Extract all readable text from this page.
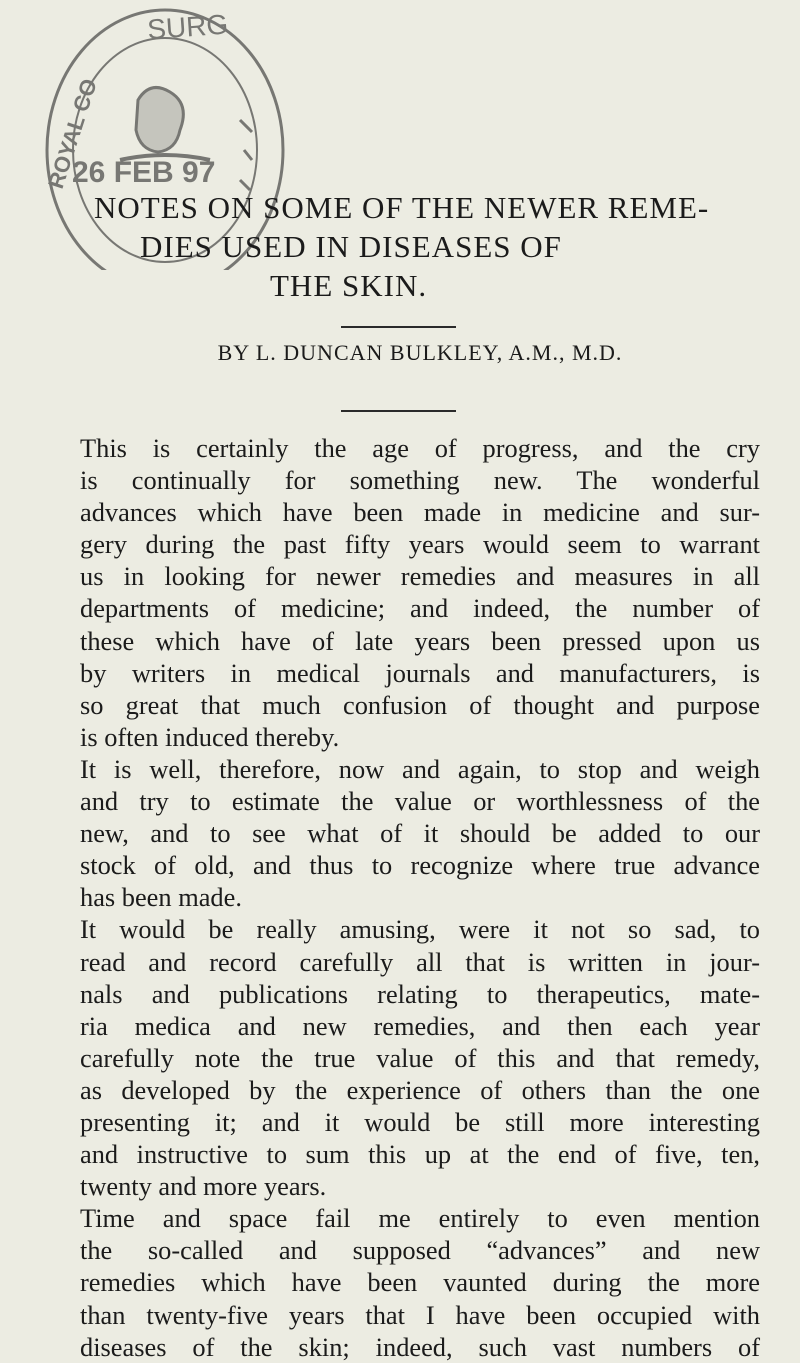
SURG
ROYAL CO
26 FEB 97
NOTES ON SOME OF THE NEWER REME-
DIES USED IN DISEASES OF
THE SKIN.
BY L. DUNCAN BULKLEY, A.M., M.D.
This is certainly the age of progress, and the cry
is continually for something new. The wonderful
advances which have been made in medicine and sur-
gery during the past fifty years would seem to warrant
us in looking for newer remedies and measures in all
departments of medicine; and indeed, the number of
these which have of late years been pressed upon us
by writers in medical journals and manufacturers, is
so great that much confusion of thought and purpose
is often induced thereby.
It is well, therefore, now and again, to stop and weigh
and try to estimate the value or worthlessness of the
new, and to see what of it should be added to our
stock of old, and thus to recognize where true advance
has been made.
It would be really amusing, were it not so sad, to
read and record carefully all that is written in jour-
nals and publications relating to therapeutics, mate-
ria medica and new remedies, and then each year
carefully note the true value of this and that remedy,
as developed by the experience of others than the one
presenting it; and it would be still more interesting
and instructive to sum this up at the end of five, ten,
twenty and more years.
Time and space fail me entirely to even mention
the so-called and supposed “advances” and new
remedies which have been vaunted during the more
than twenty-five years that I have been occupied with
diseases of the skin; indeed, such vast numbers of
